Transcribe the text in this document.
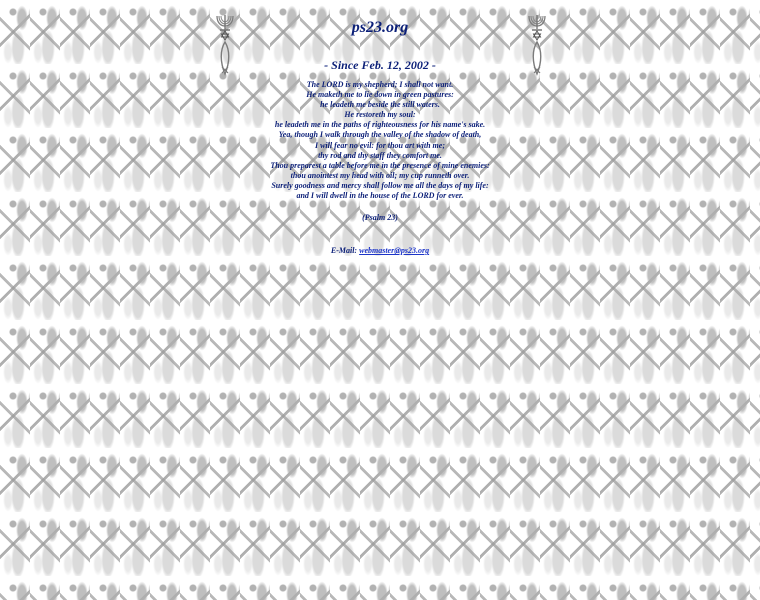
ps23.org
- Since Feb. 12, 2002 -
The LORD is my shepherd; I shall not want.
He maketh me to lie down in green pastures:
he leadeth me beside the still waters.
He restoreth my soul:
he leadeth me in the paths of righteousness for his name's sake.
Yea, though I walk through the valley of the shadow of death,
I will fear no evil: for thou art with me;
thy rod and thy staff they comfort me.
Thou preparest a table before me in the presence of mine enemies:
thou anointest my head with oil; my cup runneth over.
Surely goodness and mercy shall follow me all the days of my life:
and I will dwell in the house of the LORD for ever.
(Psalm 23)
E-Mail: webmaster@ps23.org
